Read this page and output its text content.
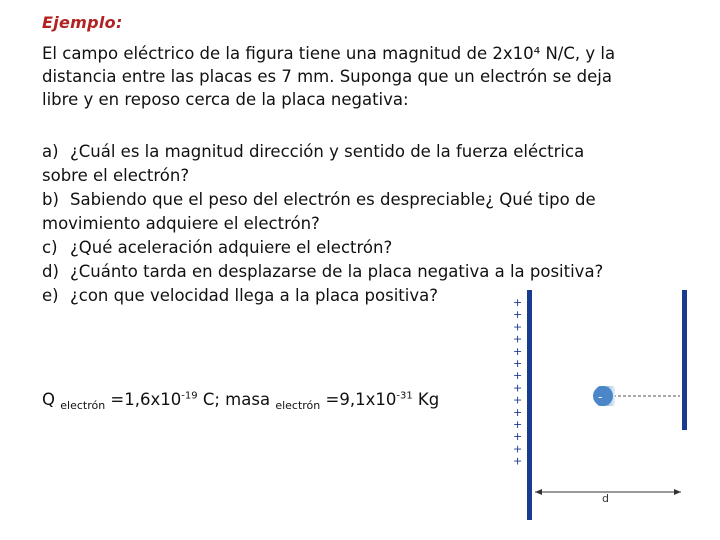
Ejemplo:
El campo eléctrico de la figura tiene una magnitud de 2x10⁴ N/C, y la
distancia entre las placas es 7 mm. Suponga que un electrón se deja
libre y en reposo cerca de la placa negativa:
a) ¿Cuál es la magnitud dirección y sentido de la fuerza eléctrica
sobre el electrón?
b) Sabiendo que el peso del electrón es despreciable¿ Qué tipo de
movimiento adquiere el electrón?
c) ¿Qué aceleración adquiere el electrón?
d) ¿Cuánto tarda en desplazarse de la placa negativa a la positiva?
e) ¿con que velocidad llega a la placa positiva?
Q $_{electrón} =1,6x10^{-19}$ C; masa $_{electrón} =9,1x10^{-31}$ Kg
+
+
+
+
+
+
+
+
+
+
+
+
+
+
-
d
